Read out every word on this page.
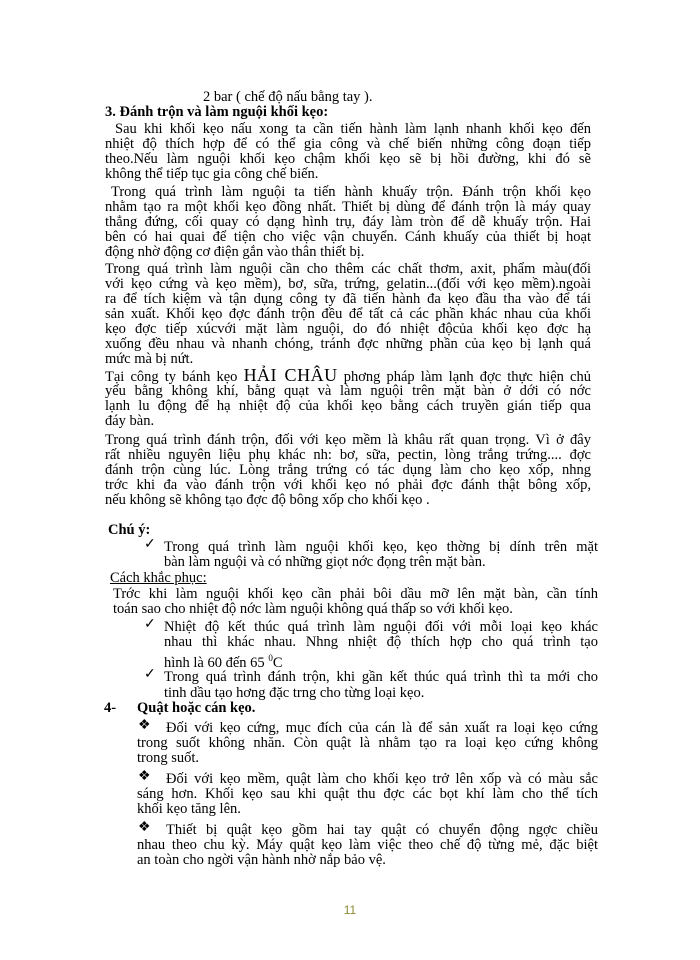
2 bar ( chế độ nấu bằng tay ).
3. Đánh trộn và làm nguội khối kẹo:
Sau khi khối kẹo nấu xong ta cần tiến hành làm lạnh nhanh khối kẹo đến
nhiệt độ thích hợp để có thể gia công và chế biến những công đoạn tiếp
theo.Nếu làm nguội khối kẹo chậm khối kẹo sẽ bị hồi đường, khi đó sẽ
không thể tiếp tục gia công chế biến.
Trong quá trình làm nguội ta tiến hành khuấy trộn. Đánh trộn khối kẹo
nhằm tạo ra một khối kẹo đồng nhất. Thiết bị dùng để đánh trộn là máy quay
thẳng đứng, cối quay có dạng hình trụ, đáy làm tròn để dễ khuấy trộn. Hai
bên có hai quai để tiện cho việc vận chuyển. Cánh khuấy của thiết bị hoạt
động nhờ động cơ điện gắn vào thân thiết bị.
Trong quá trình làm nguội cần cho thêm các chất thơm, axit, phẩm màu(đối
với kẹo cứng và kẹo mềm), bơ, sữa, trứng, gelatin...(đối với kẹo mềm).ngoài
ra để tích kiệm và tận dụng công ty đã tiến hành đa kẹo đầu tha vào để tái
sản xuất. Khối kẹo đợc đánh trộn đều để tất cả các phần khác nhau của khối
kẹo đợc tiếp xúcvới mặt làm nguội, do đó nhiệt độcủa khối kẹo đợc hạ
xuống đều nhau và nhanh chóng, tránh đợc những phần của kẹo bị lạnh quá
mức mà bị nứt.
Tại công ty bánh kẹo HẢI CHÂU phơng pháp làm lạnh đợc thực hiện chủ
yếu bằng không khí, bằng quạt và làm nguội trên mặt bàn ở dới có nớc
lạnh lu động để hạ nhiệt độ của khối kẹo bằng cách truyền gián tiếp qua
đáy bàn.
Trong quá trình đánh trộn, đối với kẹo mềm là khâu rất quan trọng. Vì ở đây
rất nhiều nguyên liệu phụ khác nh: bơ, sữa, pectin, lòng trắng trứng.... đợc
đánh trộn cùng lúc. Lòng trắng trứng có tác dụng làm cho kẹo xốp, nhng
trớc khi đa vào đánh trộn với khối kẹo nó phải đợc đánh thật bông xốp,
nếu không sẽ không tạo đợc độ bông xốp cho khối kẹo .
Chú ý:
✓ Trong quá trình làm nguội khối kẹo, kẹo thờng bị dính trên mặt
bàn làm nguội và có những giọt nớc đọng trên mặt bàn.
Cách khắc phục:
Trớc khi làm nguội khối kẹo cần phải bôi dầu mỡ lên mặt bàn, cần tính
toán sao cho nhiệt độ nớc làm nguội không quá thấp so với khối kẹo.
✓ Nhiệt độ kết thúc quá trình làm nguội đối với mỗi loại kẹo khác
nhau thì khác nhau. Nhng nhiệt độ thích hợp cho quá trình tạo
hình là 60 đến 65 $^0$C
✓ Trong quá trình đánh trộn, khi gần kết thúc quá trình thì ta mới cho
tinh dầu tạo hơng đặc trng cho từng loại kẹo.
4- Quật hoặc cán kẹo.
❖ Đối với kẹo cứng, mục đích của cán là để sản xuất ra loại kẹo cứng
trong suốt không nhăn. Còn quật là nhằm tạo ra loại kẹo cứng không
trong suốt.
❖ Đối với kẹo mềm, quật làm cho khối kẹo trở lên xốp và có màu sắc
sáng hơn. Khối kẹo sau khi quật thu đợc các bọt khí làm cho thể tích
khối kẹo tăng lên.
❖ Thiết bị quật kẹo gồm hai tay quật có chuyển động ngợc chiều
nhau theo chu kỳ. Máy quật kẹo làm việc theo chế độ từng mẻ, đặc biệt
an toàn cho ngời vận hành nhờ nắp bảo vệ.
11
